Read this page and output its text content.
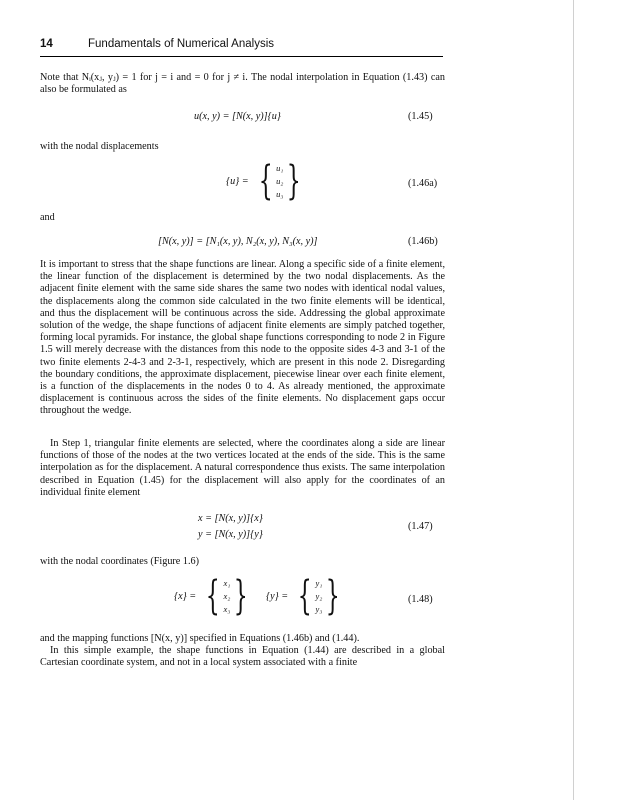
14	Fundamentals of Numerical Analysis
Note that Nᵢ(xⱼ, yⱼ) = 1 for j = i and = 0 for j ≠ i. The nodal interpolation in Equation (1.43) can also be formulated as
u(x, y) = [N(x, y)]{u}	(1.45)
with the nodal displacements
{u} = { u₁
u₂
u₃ }	(1.46a)
and
[N(x, y)] = [N₁(x, y), N₂(x, y), N₃(x, y)]	(1.46b)
It is important to stress that the shape functions are linear. Along a specific side of a finite element, the linear function of the displacement is determined by the two nodal displacements. As the adjacent finite element with the same side shares the same two nodes with identical nodal values, the displacements along the common side calculated in the two finite elements will be identical, and thus the displacement will be continuous across the side. Addressing the global approximate solution of the wedge, the shape functions of adjacent finite elements are simply patched together, forming local pyramids. For instance, the global shape functions corresponding to node 2 in Figure 1.5 will merely decrease with the distances from this node to the opposite sides 4-3 and 3-1 of the two finite elements 2-4-3 and 2-3-1, respectively, which are present in this node 2. Disregarding the boundary conditions, the approximate displacement, piecewise linear over each finite element, is a function of the displacements in the nodes 0 to 4. As already mentioned, the approximate displacement is continuous across the sides of the finite elements. No displacement gaps occur throughout the wedge.
In Step 1, triangular finite elements are selected, where the coordinates along a side are linear functions of those of the nodes at the two vertices located at the ends of the side. This is the same interpolation as for the displacement. A natural correspondence thus exists. The same interpolation described in Equation (1.45) for the displacement will also apply for the coordinates of an individual finite element
x = [N(x, y)]{x}
y = [N(x, y)]{y}
(1.47)
with the nodal coordinates (Figure 1.6)
{x} = { x₁
x₂
x₃ } {y} = { y₁
y₂
y₃ }	(1.48)
and the mapping functions [N(x, y)] specified in Equations (1.46b) and (1.44).
In this simple example, the shape functions in Equation (1.44) are described in a global Cartesian coordinate system, and not in a local system associated with a finite
